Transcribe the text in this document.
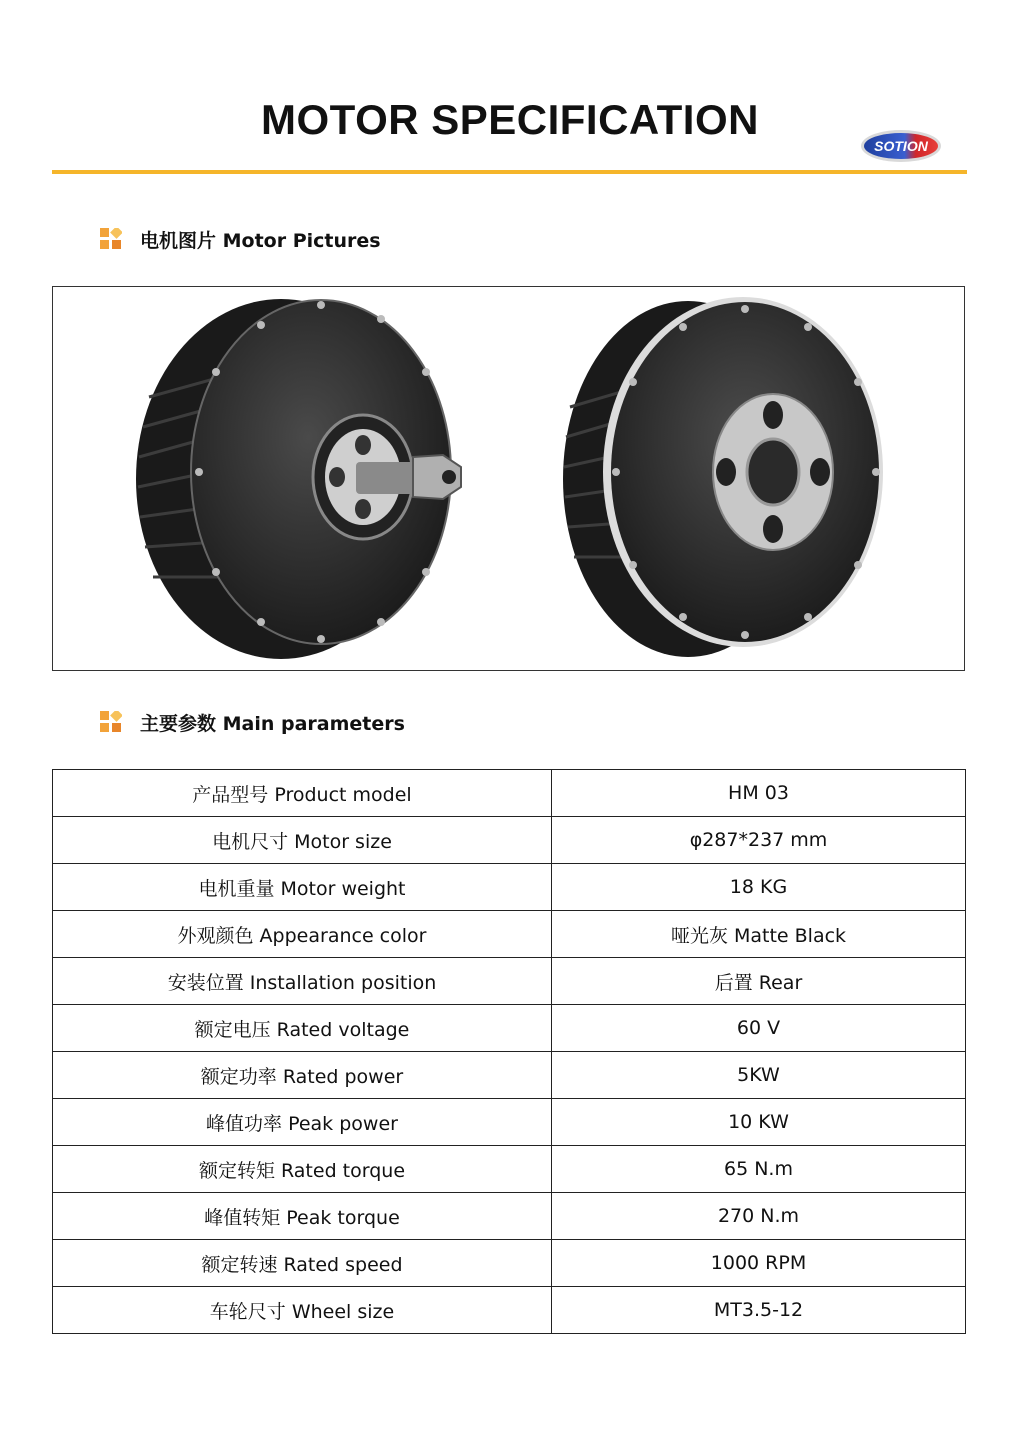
MOTOR SPECIFICATION
SOTION
电机图片 Motor Pictures
主要参数 Main parameters
产品型号 Product model	HM 03
电机尺寸 Motor size	φ287*237 mm
电机重量 Motor weight	18 KG
外观颜色 Appearance color	哑光灰 Matte Black
安装位置 Installation position	后置 Rear
额定电压 Rated voltage	60 V
额定功率 Rated power	5KW
峰值功率 Peak power	10 KW
额定转矩 Rated torque	65 N.m
峰值转矩 Peak torque	270 N.m
额定转速 Rated speed	1000 RPM
车轮尺寸 Wheel size	MT3.5-12
